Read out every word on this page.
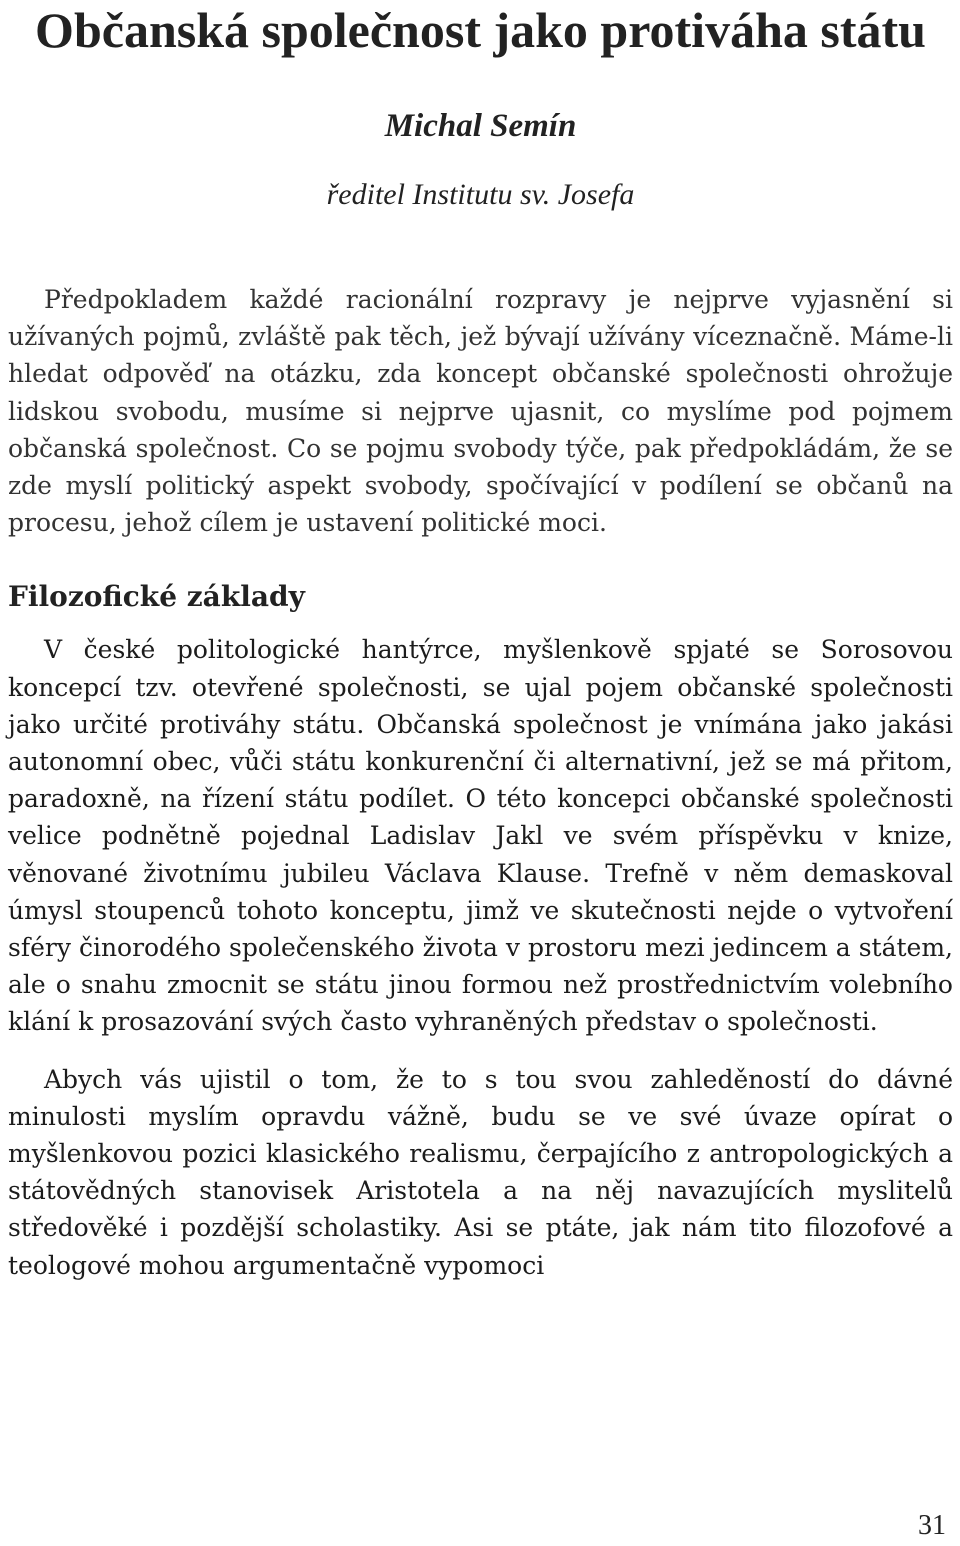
Občanská společnost jako protiváha státu

Michal Semín

ředitel Institutu sv. Josefa

Předpokladem každé racionální rozpravy je nejprve vyjasnění si užívaných pojmů, zvláště pak těch, jež bývají užívány víceznačně. Máme-li hledat odpověď na otázku, zda koncept občanské společnosti ohrožuje lidskou svobodu, musíme si nejprve ujasnit, co myslíme pod pojmem občanská společnost. Co se pojmu svobody týče, pak předpokládám, že se zde myslí politický aspekt svobody, spočívající v podílení se občanů na procesu, jehož cílem je ustavení politické moci.

Filozofické základy

V české politologické hantýrce, myšlenkově spjaté se Sorosovou koncepcí tzv. otevřené společnosti, se ujal pojem občanské společnosti jako určité protiváhy státu. Občanská společnost je vnímána jako jakási autonomní obec, vůči státu konkurenční či alternativní, jež se má přitom, paradoxně, na řízení státu podílet. O této koncepci občanské společnosti velice podnětně pojednal Ladislav Jakl ve svém příspěvku v knize, věnované životnímu jubileu Václava Klause. Trefně v něm demaskoval úmysl stoupenců tohoto konceptu, jimž ve skutečnosti nejde o vytvoření sféry činorodého společenského života v prostoru mezi jedincem a státem, ale o snahu zmocnit se státu jinou formou než prostřednictvím volebního klání k prosazování svých často vyhraněných představ o společnosti.

Abych vás ujistil o tom, že to s tou svou zahleděností do dávné minulosti myslím opravdu vážně, budu se ve své úvaze opírat o myšlenkovou pozici klasického realismu, čerpajícího z antropologických a státovědných stanovisek Aristotela a na něj navazujících myslitelů středověké i pozdější scholastiky. Asi se ptáte, jak nám tito filozofové a teologové mohou argumentačně vypomoci

31
